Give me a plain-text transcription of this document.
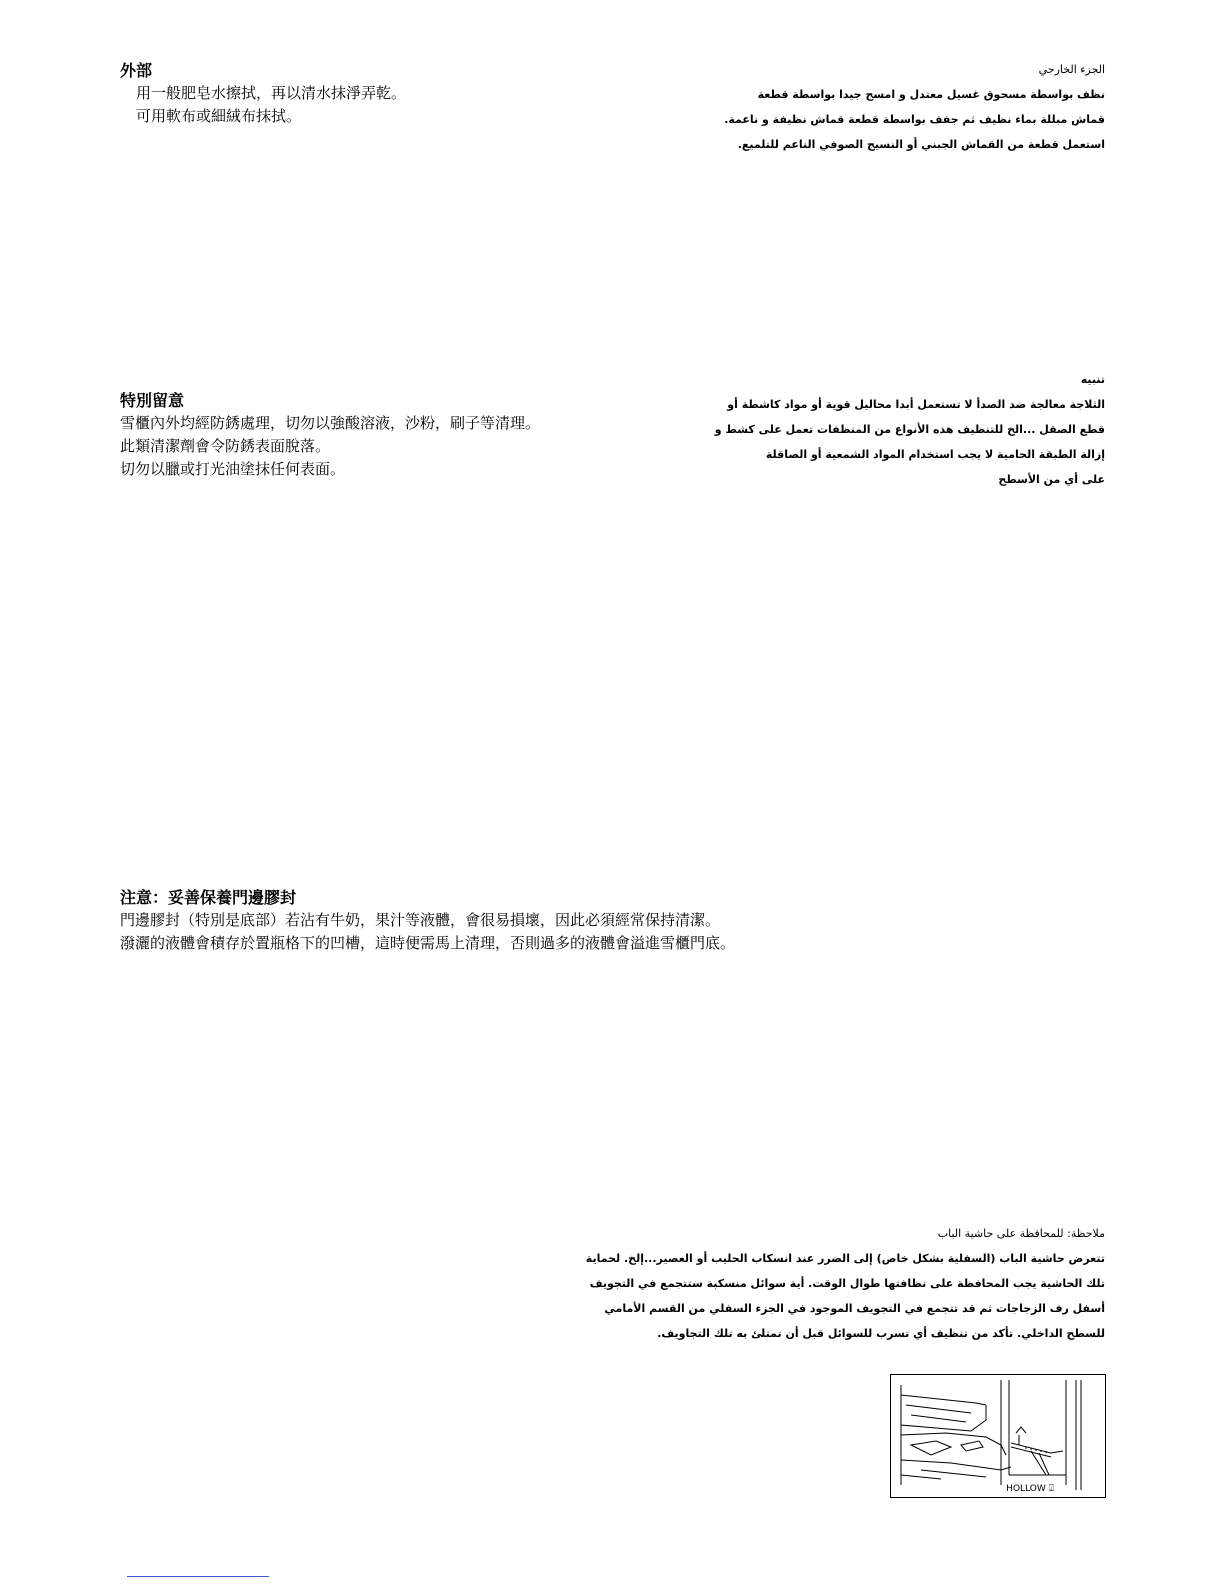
外部

用一般肥皂水擦拭，再以清水抹淨弄乾。

可用軟布或細絨布抹拭。

الجزء الخارجي

نظف بواسطة مسحوق غسيل معتدل و امسح جيدا بواسطة قطعة

قماش مبللة بماء نظيف ثم جفف بواسطة قطعة قماش نظيفة و ناعمة.

استعمل قطعة من القماش الجبني أو النسيج الصوفي الناعم للتلميع.

特別留意

雪櫃內外均經防銹處理，切勿以強酸溶液，沙粉，刷子等清理。

此類清潔劑會令防銹表面脫落。

切勿以臘或打光油塗抹任何表面。

تنبيه

الثلاجة معالجة ضد الصدأ لا تستعمل أبدا محاليل قوية أو مواد كاشطة أو

قطع الصقل ...الخ للتنظيف هذه الأنواع من المنظفات تعمل على كشط و

إزالة الطبقة الحامية لا يجب استخدام المواد الشمعية أو الصاقلة

على أي من الأسطح

注意：妥善保養門邊膠封

門邊膠封（特別是底部）若沾有牛奶，果汁等液體，會很易損壞，因此必須經常保持清潔。

潑灑的液體會積存於置瓶格下的凹槽，這時便需馬上清理，否則過多的液體會溢進雪櫃門底。

ملاحظة: للمحافظة على حاشية الباب

تتعرض حاشية الباب (السفلية بشكل خاص) إلى الضرر عند انسكاب الحليب أو العصير...إلخ. لحماية

تلك الحاشية يجب المحافظة على نظافتها طوال الوقت. أية سوائل منسكبة ستتجمع في التجويف

أسفل رف الزجاجات ثم قد تتجمع في التجويف الموجود في الجزء السفلي من القسم الأمامي

للسطح الداخلي. تأكد من تنظيف أي تسرب للسوائل قبل أن تمتلئ به تلك التجاويف.

HOLLOW ⍗
